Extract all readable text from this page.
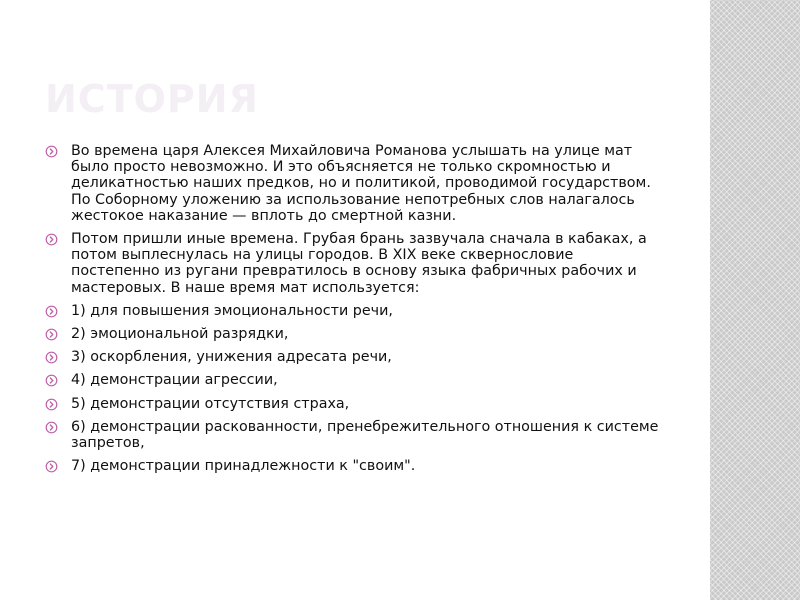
ИСТОРИЯ
Во времена царя Алексея Михайловича Романова услышать на улице мат было просто невозможно. И это объясняется не только скромностью и деликатностью наших предков, но и политикой, проводимой государством. По Соборному уложению за использование непотребных слов налагалось жестокое наказание — вплоть до смертной казни.
Потом пришли иные времена. Грубая брань зазвучала сначала в кабаках, а потом выплеснулась на улицы городов. В XIX веке сквернословие постепенно из ругани превратилось в основу языка фабричных рабочих и мастеровых. В наше время мат используется:
1) для повышения эмоциональности речи,
2) эмоциональной разрядки,
3) оскорбления, унижения адресата речи,
4) демонстрации агрессии,
5) демонстрации отсутствия страха,
6) демонстрации раскованности, пренебрежительного отношения к системе запретов,
7) демонстрации принадлежности к "своим".
